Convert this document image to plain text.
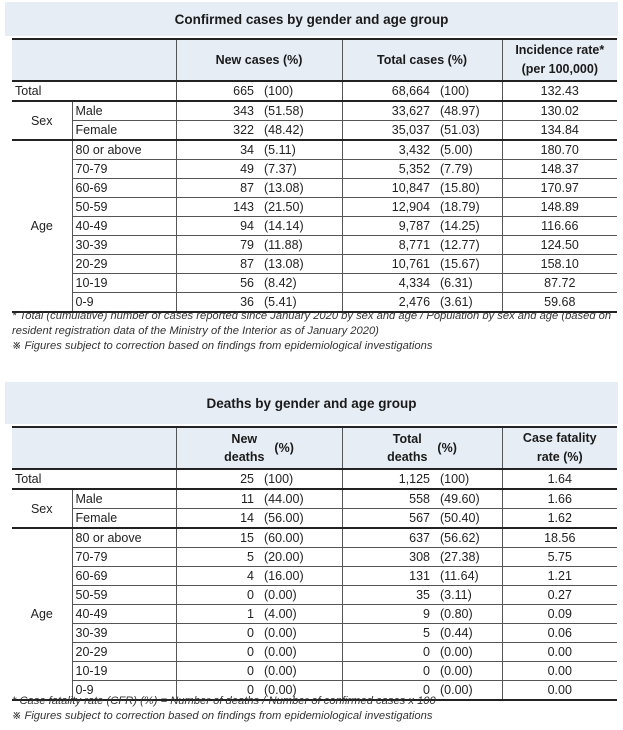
Confirmed cases by gender and age group
		New cases (%)		Total cases (%)		Incidence rate*
(per 100,000)

Total		665	(100)	68,664	(100)	132.43
Sex	Male	343	(51.58)	33,627	(48.97)	130.02
	Female	322	(48.42)	35,037	(51.03)	134.84
Age	80 or above	34	(5.11)	3,432	(5.00)	180.70
	70-79	49	(7.37)	5,352	(7.79)	148.37
	60-69	87	(13.08)	10,847	(15.80)	170.97
	50-59	143	(21.50)	12,904	(18.79)	148.89
	40-49	94	(14.14)	9,787	(14.25)	116.66
	30-39	79	(11.88)	8,771	(12.77)	124.50
	20-29	87	(13.08)	10,761	(15.67)	158.10
	10-19	56	(8.42)	4,334	(6.31)	87.72
	0-9	36	(5.41)	2,476	(3.61)	59.68
* Total (cumulative) number of cases reported since January 2020 by sex and age / Population by sex and age (based on resident registration data of the Ministry of the Interior as of January 2020)
※ Figures subject to correction based on findings from epidemiological investigations
Deaths by gender and age group

New
deaths
(%)

Total
deaths
(%)

Case fatality
rate (%)

Total		25	(100)	1,125	(100)	1.64
Sex	Male	11	(44.00)	558	(49.60)	1.66
	Female	14	(56.00)	567	(50.40)	1.62
Age	80 or above	15	(60.00)	637	(56.62)	18.56
	70-79	5	(20.00)	308	(27.38)	5.75
	60-69	4	(16.00)	131	(11.64)	1.21
	50-59	0	(0.00)	35	(3.11)	0.27
	40-49	1	(4.00)	9	(0.80)	0.09
	30-39	0	(0.00)	5	(0.44)	0.06
	20-29	0	(0.00)	0	(0.00)	0.00
	10-19	0	(0.00)	0	(0.00)	0.00
	0-9	0	(0.00)	0	(0.00)	0.00
* Case fatality rate (CFR) (%) = Number of deaths / Number of confirmed cases x 100
※ Figures subject to correction based on findings from epidemiological investigations
